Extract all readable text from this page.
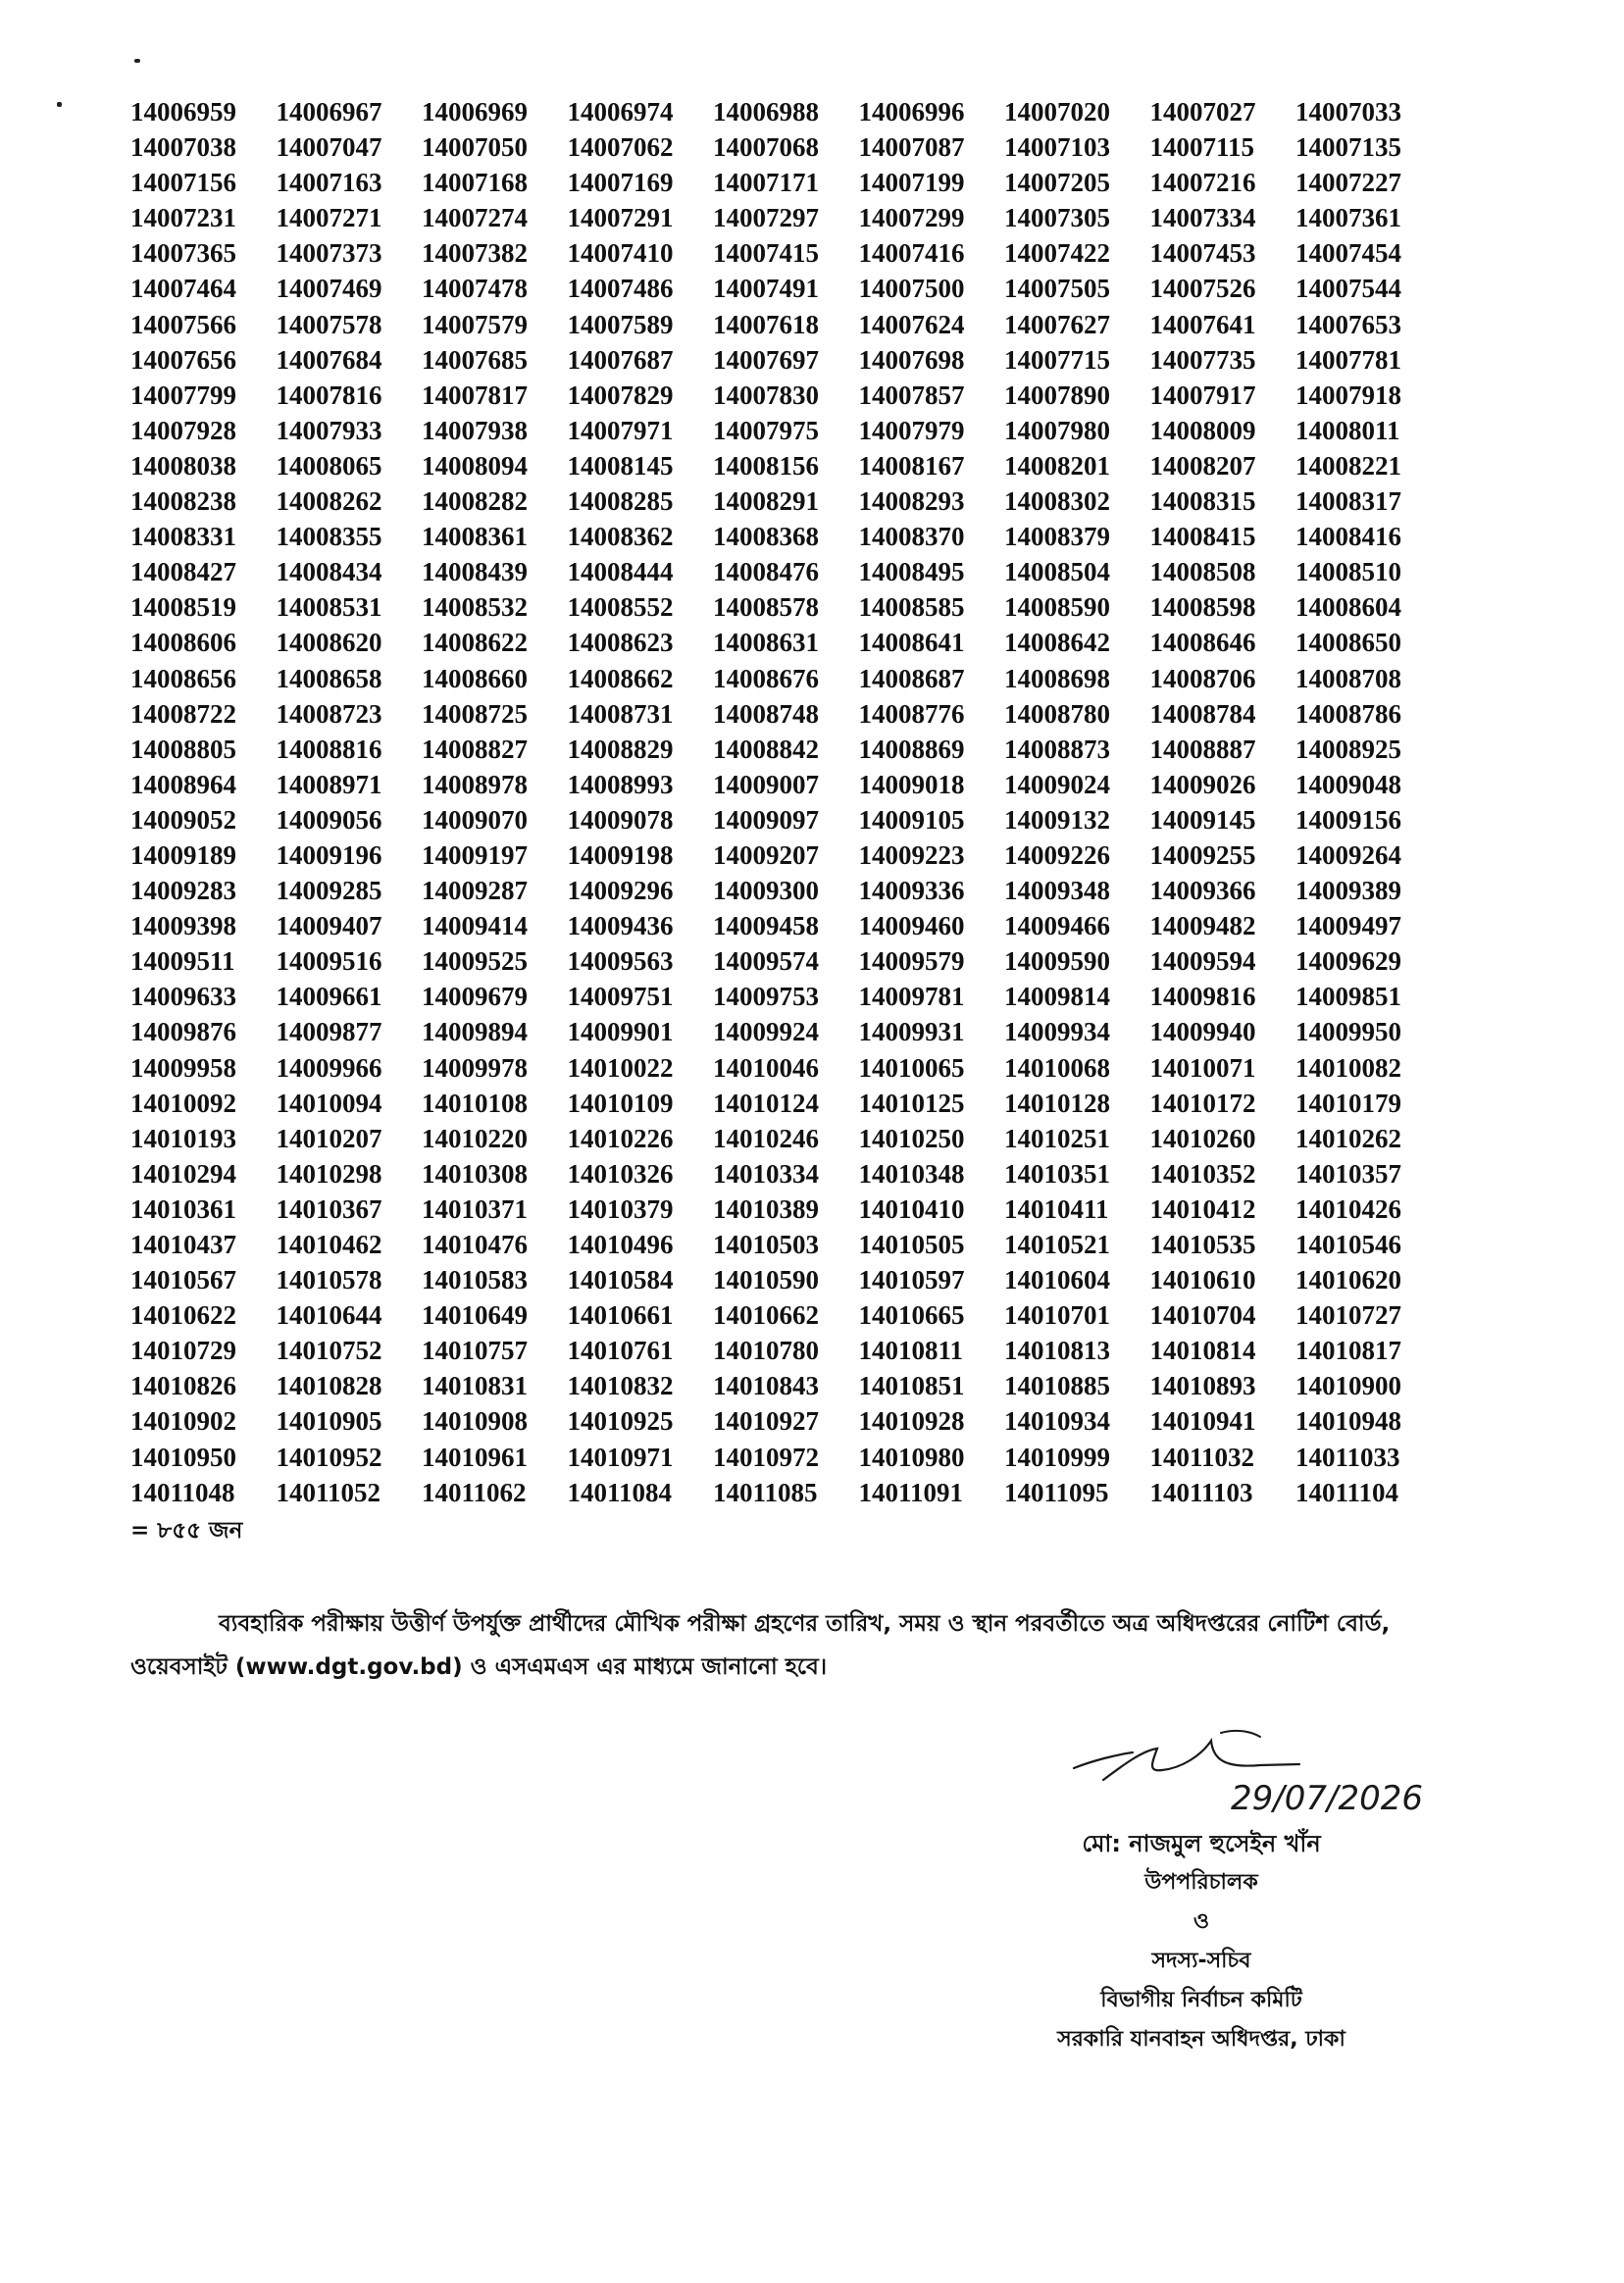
14006959	14006967	14006969	14006974	14006988	14006996	14007020	14007027	14007033
14007038	14007047	14007050	14007062	14007068	14007087	14007103	14007115	14007135
14007156	14007163	14007168	14007169	14007171	14007199	14007205	14007216	14007227
14007231	14007271	14007274	14007291	14007297	14007299	14007305	14007334	14007361
14007365	14007373	14007382	14007410	14007415	14007416	14007422	14007453	14007454
14007464	14007469	14007478	14007486	14007491	14007500	14007505	14007526	14007544
14007566	14007578	14007579	14007589	14007618	14007624	14007627	14007641	14007653
14007656	14007684	14007685	14007687	14007697	14007698	14007715	14007735	14007781
14007799	14007816	14007817	14007829	14007830	14007857	14007890	14007917	14007918
14007928	14007933	14007938	14007971	14007975	14007979	14007980	14008009	14008011
14008038	14008065	14008094	14008145	14008156	14008167	14008201	14008207	14008221
14008238	14008262	14008282	14008285	14008291	14008293	14008302	14008315	14008317
14008331	14008355	14008361	14008362	14008368	14008370	14008379	14008415	14008416
14008427	14008434	14008439	14008444	14008476	14008495	14008504	14008508	14008510
14008519	14008531	14008532	14008552	14008578	14008585	14008590	14008598	14008604
14008606	14008620	14008622	14008623	14008631	14008641	14008642	14008646	14008650
14008656	14008658	14008660	14008662	14008676	14008687	14008698	14008706	14008708
14008722	14008723	14008725	14008731	14008748	14008776	14008780	14008784	14008786
14008805	14008816	14008827	14008829	14008842	14008869	14008873	14008887	14008925
14008964	14008971	14008978	14008993	14009007	14009018	14009024	14009026	14009048
14009052	14009056	14009070	14009078	14009097	14009105	14009132	14009145	14009156
14009189	14009196	14009197	14009198	14009207	14009223	14009226	14009255	14009264
14009283	14009285	14009287	14009296	14009300	14009336	14009348	14009366	14009389
14009398	14009407	14009414	14009436	14009458	14009460	14009466	14009482	14009497
14009511	14009516	14009525	14009563	14009574	14009579	14009590	14009594	14009629
14009633	14009661	14009679	14009751	14009753	14009781	14009814	14009816	14009851
14009876	14009877	14009894	14009901	14009924	14009931	14009934	14009940	14009950
14009958	14009966	14009978	14010022	14010046	14010065	14010068	14010071	14010082
14010092	14010094	14010108	14010109	14010124	14010125	14010128	14010172	14010179
14010193	14010207	14010220	14010226	14010246	14010250	14010251	14010260	14010262
14010294	14010298	14010308	14010326	14010334	14010348	14010351	14010352	14010357
14010361	14010367	14010371	14010379	14010389	14010410	14010411	14010412	14010426
14010437	14010462	14010476	14010496	14010503	14010505	14010521	14010535	14010546
14010567	14010578	14010583	14010584	14010590	14010597	14010604	14010610	14010620
14010622	14010644	14010649	14010661	14010662	14010665	14010701	14010704	14010727
14010729	14010752	14010757	14010761	14010780	14010811	14010813	14010814	14010817
14010826	14010828	14010831	14010832	14010843	14010851	14010885	14010893	14010900
14010902	14010905	14010908	14010925	14010927	14010928	14010934	14010941	14010948
14010950	14010952	14010961	14010971	14010972	14010980	14010999	14011032	14011033
14011048	14011052	14011062	14011084	14011085	14011091	14011095	14011103	14011104
= ৮৫৫ জন
ব্যবহারিক পরীক্ষায় উত্তীর্ণ উপর্যুক্ত প্রার্থীদের মৌখিক পরীক্ষা গ্রহণের তারিখ, সময় ও স্থান পরবর্তীতে অত্র অধিদপ্তরের নোটিশ বোর্ড, ওয়েবসাইট (www.dgt.gov.bd) ও এসএমএস এর মাধ্যমে জানানো হবে।
29/07/2026
মো: নাজমুল হুসেইন খাঁন
উপপরিচালক
ও
সদস্য-সচিব
বিভাগীয় নির্বাচন কমিটি
সরকারি যানবাহন অধিদপ্তর, ঢাকা
